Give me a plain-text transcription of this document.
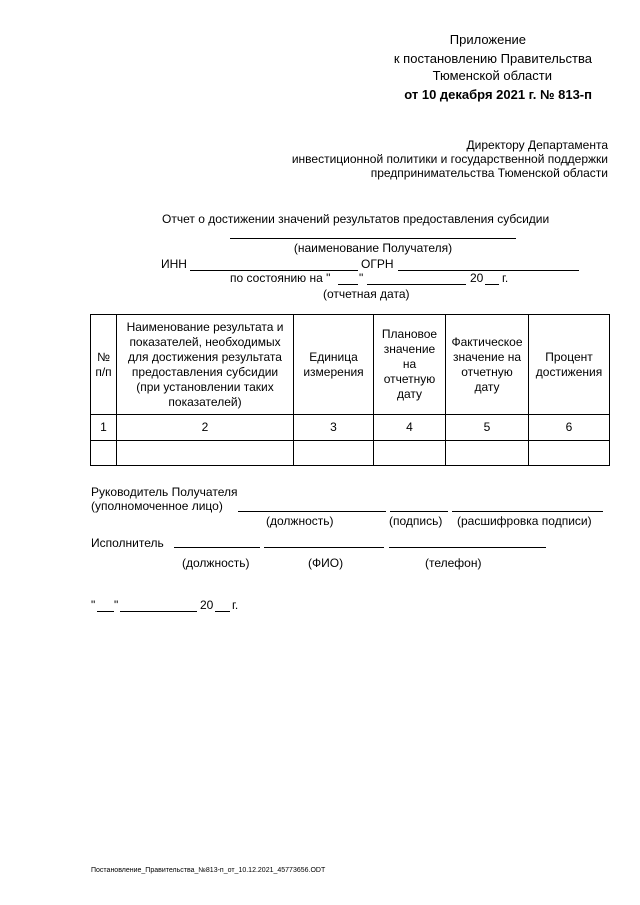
Приложение
к постановлению Правительства
Тюменской области
от 10 декабря 2021 г. № 813-п
Директору Департамента
инвестиционной политики и государственной поддержки
предпринимательства Тюменской области
Отчет о достижении значений результатов предоставления субсидии
(наименование Получателя)
ИНН	ОГРН
по состоянию на " "	20 г.
(отчетная дата)
№ п/п	Наименование результата и показателей, необходимых для достижения результата предоставления субсидии (при установлении таких показателей)	Единица измерения	Плановое значение на отчетную дату	Фактическое значение на отчетную дату	Процент достижения
1	2	3	4	5	6

Руководитель Получателя
(уполномоченное лицо)
(должность)	(подпись) (расшифровка подписи)
Исполнитель
(должность)	(ФИО)	(телефон)
" "	20 г.
Постановление_Правительства_№813-п_от_10.12.2021_45773656.ODT
